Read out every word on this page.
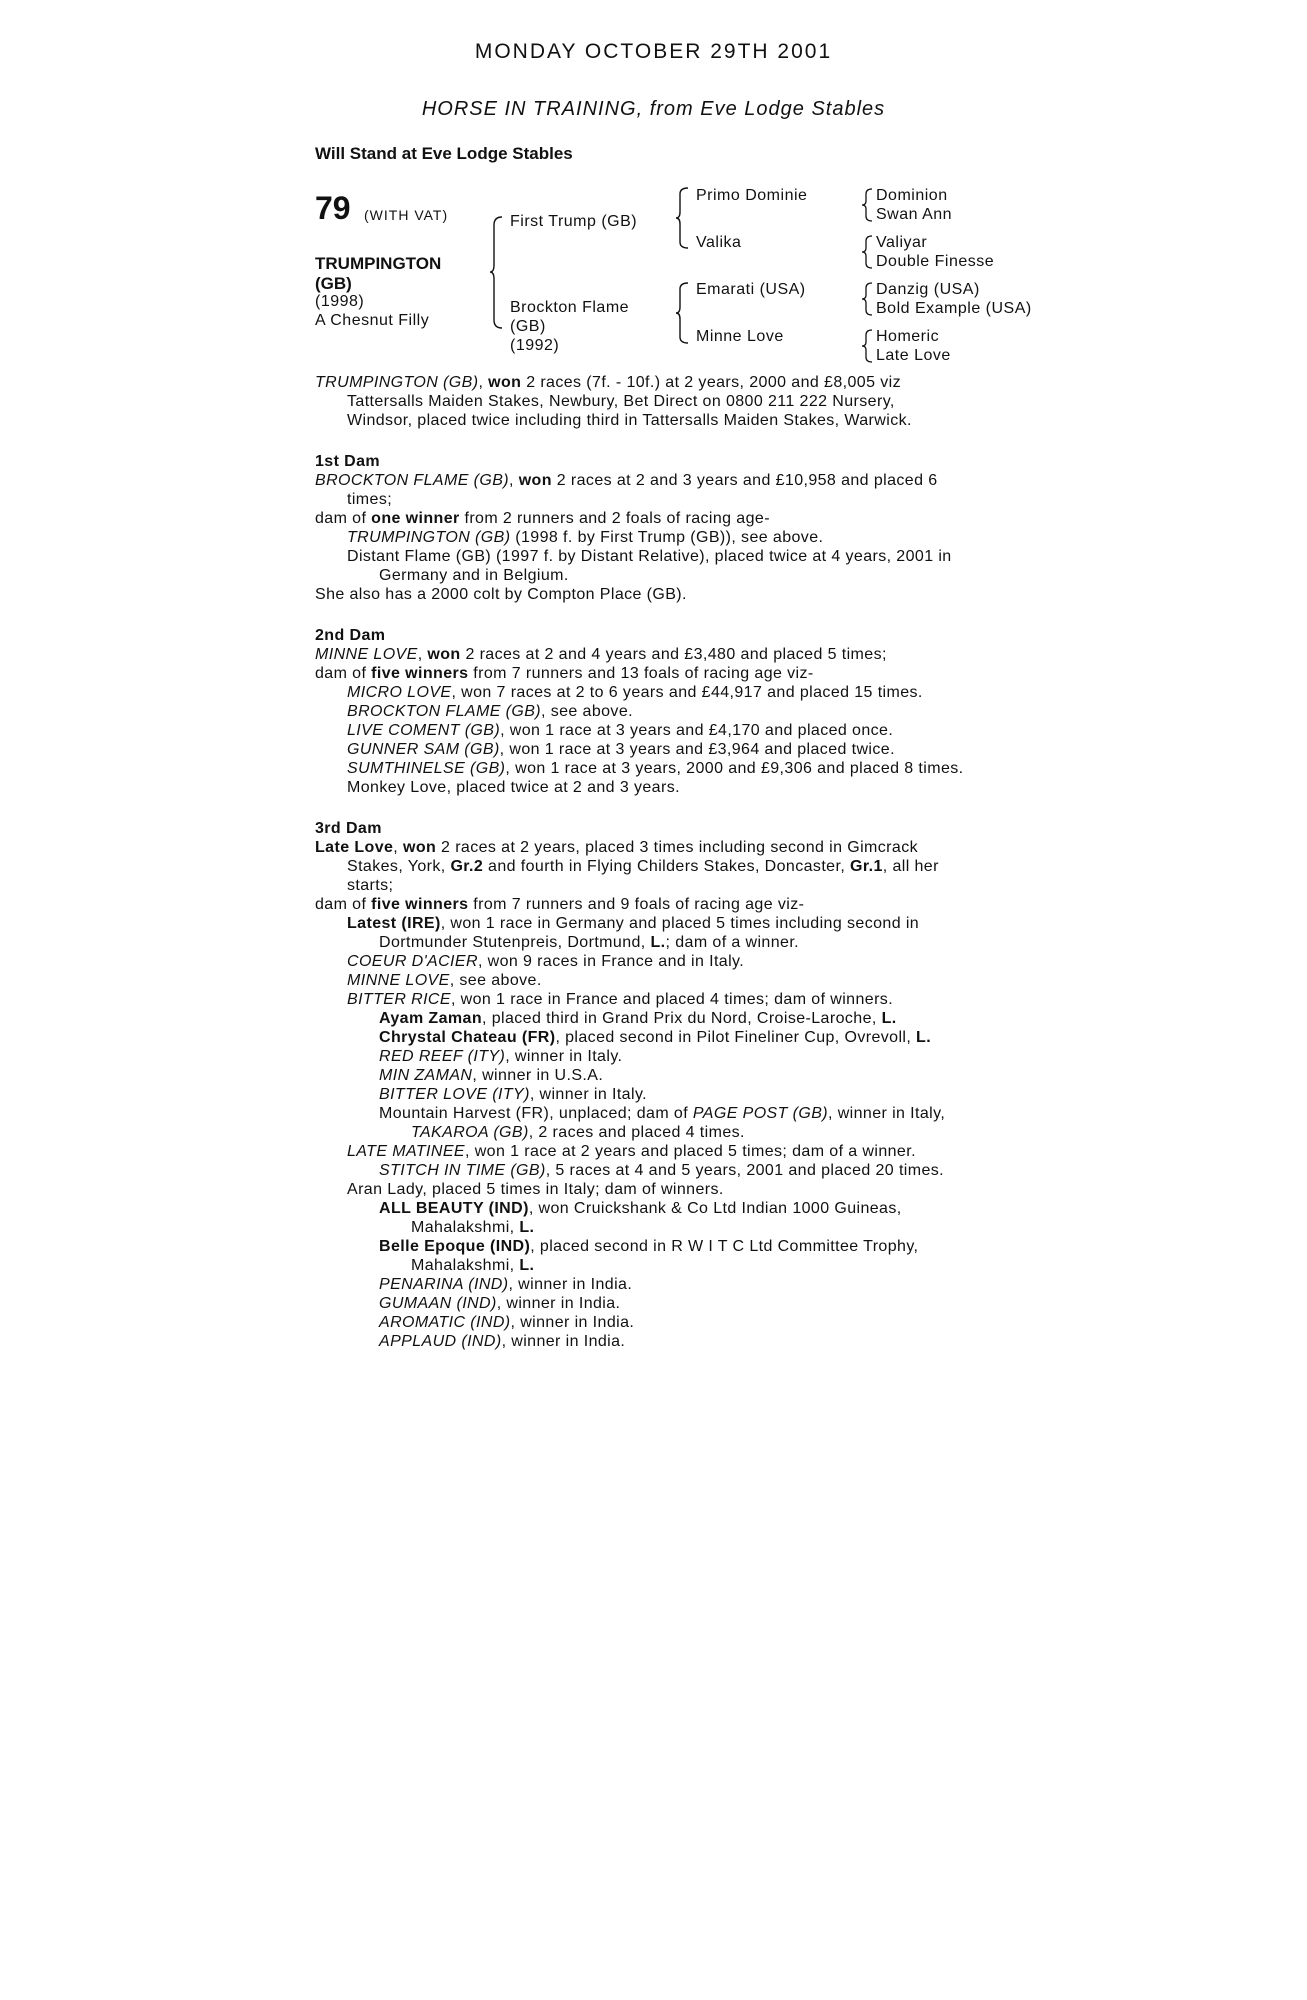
MONDAY OCTOBER 29TH 2001
HORSE IN TRAINING, from Eve Lodge Stables
Will Stand at Eve Lodge Stables
79 (WITH VAT)
TRUMPINGTON
(GB)
(1998)
A Chesnut Filly
First Trump (GB)
Brockton Flame
(GB)
(1992)
Primo Dominie
Valika
Emarati (USA)
Minne Love
Dominion
Swan Ann
Valiyar
Double Finesse
Danzig (USA)
Bold Example (USA)
Homeric
Late Love
TRUMPINGTON (GB), won 2 races (7f. - 10f.) at 2 years, 2000 and £8,005 viz
Tattersalls Maiden Stakes, Newbury, Bet Direct on 0800 211 222 Nursery,
Windsor, placed twice including third in Tattersalls Maiden Stakes, Warwick.
1st Dam
BROCKTON FLAME (GB), won 2 races at 2 and 3 years and £10,958 and placed 6
times;
dam of one winner from 2 runners and 2 foals of racing age-
TRUMPINGTON (GB) (1998 f. by First Trump (GB)), see above.
Distant Flame (GB) (1997 f. by Distant Relative), placed twice at 4 years, 2001 in
Germany and in Belgium.
She also has a 2000 colt by Compton Place (GB).
2nd Dam
MINNE LOVE, won 2 races at 2 and 4 years and £3,480 and placed 5 times;
dam of five winners from 7 runners and 13 foals of racing age viz-
MICRO LOVE, won 7 races at 2 to 6 years and £44,917 and placed 15 times.
BROCKTON FLAME (GB), see above.
LIVE COMENT (GB), won 1 race at 3 years and £4,170 and placed once.
GUNNER SAM (GB), won 1 race at 3 years and £3,964 and placed twice.
SUMTHINELSE (GB), won 1 race at 3 years, 2000 and £9,306 and placed 8 times.
Monkey Love, placed twice at 2 and 3 years.
3rd Dam
Late Love, won 2 races at 2 years, placed 3 times including second in Gimcrack
Stakes, York, Gr.2 and fourth in Flying Childers Stakes, Doncaster, Gr.1, all her
starts;
dam of five winners from 7 runners and 9 foals of racing age viz-
Latest (IRE), won 1 race in Germany and placed 5 times including second in
Dortmunder Stutenpreis, Dortmund, L.; dam of a winner.
COEUR D'ACIER, won 9 races in France and in Italy.
MINNE LOVE, see above.
BITTER RICE, won 1 race in France and placed 4 times; dam of winners.
Ayam Zaman, placed third in Grand Prix du Nord, Croise-Laroche, L.
Chrystal Chateau (FR), placed second in Pilot Fineliner Cup, Ovrevoll, L.
RED REEF (ITY), winner in Italy.
MIN ZAMAN, winner in U.S.A.
BITTER LOVE (ITY), winner in Italy.
Mountain Harvest (FR), unplaced; dam of PAGE POST (GB), winner in Italy,
TAKAROA (GB), 2 races and placed 4 times.
LATE MATINEE, won 1 race at 2 years and placed 5 times; dam of a winner.
STITCH IN TIME (GB), 5 races at 4 and 5 years, 2001 and placed 20 times.
Aran Lady, placed 5 times in Italy; dam of winners.
ALL BEAUTY (IND), won Cruickshank & Co Ltd Indian 1000 Guineas,
Mahalakshmi, L.
Belle Epoque (IND), placed second in R W I T C Ltd Committee Trophy,
Mahalakshmi, L.
PENARINA (IND), winner in India.
GUMAAN (IND), winner in India.
AROMATIC (IND), winner in India.
APPLAUD (IND), winner in India.
